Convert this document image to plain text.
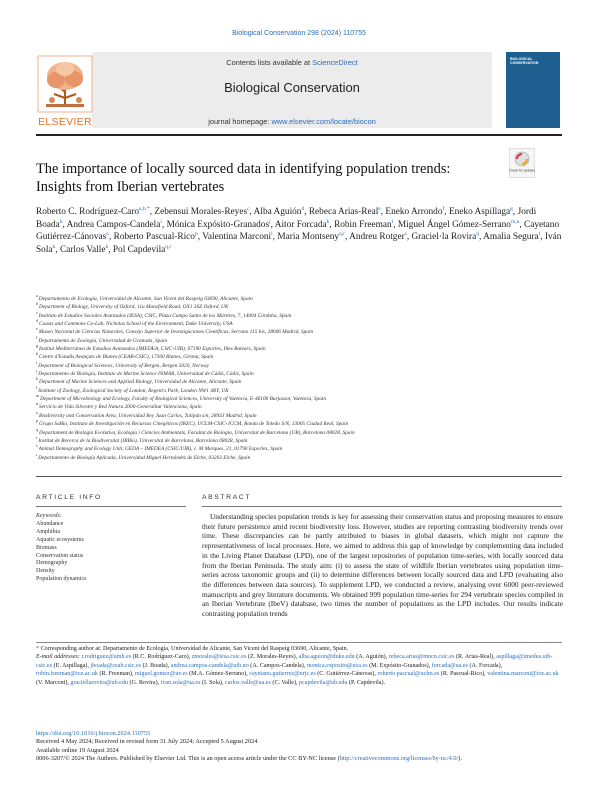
Biological Conservation 298 (2024) 110755
Contents lists available at ScienceDirect
Biological Conservation
journal homepage: www.elsevier.com/locate/biocon
ELSEVIER
BIOLOGICAL CONSERVATION
The importance of locally sourced data in identifying population trends:
Insights from Iberian vertebrates
Check for updates
Roberto C. Rodríguez-Caro$^{a,b,*}$, Zebensui Morales-Reyes$^c$, Alba Aguión$^d$, Rebeca Arias-Real$^e$, Eneko Arrondo$^f$, Eneko Aspillaga$^g$, Jordi Boada$^h$, Andrea Campos-Candela$^i$, Mónica Expósito-Granados$^j$, Aitor Forcada$^k$, Robin Freeman$^l$, Miguel Ángel Gómez-Serrano$^{m,n}$, Cayetano Gutiérrez-Cánovas$^o$, Roberto Pascual-Rico$^p$, Valentina Marconi$^l$, Maria Montseny$^{q,r}$, Andreu Rotger$^s$, Graciel·la Rovira$^q$, Amalia Segura$^t$, Iván Sola$^k$, Carlos Valle$^k$, Pol Capdevila$^{q,r}$
$^a$ Departamento de Ecología, Universidad de Alicante, San Vicent del Raspeig 03690, Alicante, Spain
$^b$ Department of Biology, University of Oxford, 11a Mansfield Road, OX1 3SZ Oxford, UK
$^c$ Instituto de Estudios Sociales Avanzados (IESA), CSIC, Plaza Campo Santo de los Mártires, 7, 14004 Córdoba, Spain
$^d$ Coasts and Commons Co-Lab, Nicholas School of the Environment, Duke University, USA
$^e$ Museo Nacional de Ciencias Naturales, Consejo Superior de Investigaciones Científicas, Serrano 115 bis, 28006 Madrid, Spain
$^f$ Departamento de Zoología, Universidad de Granada, Spain
$^g$ Institut Mediterrànea de Estudios Avanzados (IMEDEA, CSIC-UIB), 07190 Esporles, Illes Balears, Spain
$^h$ Centre d'Estudis Avançats de Blanes (CEAB-CSIC), 17300 Blanes, Girona, Spain
$^i$ Department of Biological Sciences, University of Bergen, Bergen 5020, Norway
$^j$ Departamento de Biología, Instituto de Marine Science INMAR, Universidad de Cádiz, Cádiz, Spain
$^k$ Department of Marine Sciences and Applied Biology, Universidad de Alicante, Alicante, Spain
$^l$ Institute of Zoology, Zoological Society of London, Regent's Park, London NW1 4RY, UK
$^m$ Department of Microbiology and Ecology, Faculty of Biological Sciences, University of Valencia, E-46100 Burjassot, Valencia, Spain
$^n$ Servicio de Vida Silvestre y Red Natura 2000-Generalitat Valenciana, Spain
$^o$ Biodiversity and Conservation Area, Universidad Rey Juan Carlos, Tulipán s/n, 28933 Madrid, Spain
$^p$ Grupo SaBio, Instituto de Investigación en Recursos Cinegéticos (IREC), UCLM-CSIC-JCCM, Ronda de Toledo S/N, 13005 Ciudad Real, Spain
$^q$ Departament de Biologia Evolutiva, Ecologia i Ciències Ambientals, Facultat de Biologia, Universitat de Barcelona (UB), Barcelona 08028, Spain
$^r$ Institut de Recerca de la Biodiversitat (IRBio), Universitat de Barcelona, Barcelona 08028, Spain
$^s$ Animal Demography and Ecology Unit, GEDA – IMEDEA (CSIC/UIB), c. M Marques, 21, 01790 Esporles, Spain
$^t$ Departamento de Biología Aplicada, Universidad Miguel Hernández de Elche, 03203 Elche, Spain
ARTICLE INFO	ABSTRACT
Keywords:
Abundance
Amphibia
Aquatic ecosystems
Biomass
Conservation status
Demography
Density
Population dynamics

Understanding species population trends is key for assessing their conservation status and proposing measures to ensure their future persistence amid recent biodiversity loss. However, studies are reporting contrasting biodiversity trends over time. These discrepancies can be partly attributed to biases in global datasets, which might not capture the representativeness of local processes. Here, we aimed to address this gap of knowledge by complementing data included in the Living Planet Database (LPD), one of the largest repositories of population time-series, with locally sourced data from the Iberian Peninsula. The study aim: (i) to assess the state of wildlife Iberian vertebrates using population time-series across taxonomic groups and (ii) to determine differences between locally sourced data and LPD (evaluating also the differences between data sources). To supplement LPD, we conducted a review, analysing over 6000 peer-reviewed manuscripts and grey literature documents. We obtained 999 population time-series for 294 vertebrate species compiled in an Iberian Vertebrate (IbeV) database, two times the number of populations as the LPD includes. Our results indicate contrasting population trends

* Corresponding author at: Departamento de Ecología, Universidad de Alicante, San Vicent del Raspeig 03690, Alicante, Spain.

E-mail addresses: r.rodriguez@umh.es (R.C. Rodríguez-Caro), zmorales@iesa.csic.es (Z. Morales-Reyes), alba.aguion@duke.edu (A. Aguión), rebeca.arias@mncn.csic.es (R. Arias-Real), aspillaga@imedea.uib-csic.es (E. Aspillaga), jboada@ceab.csic.es (J. Boada), andrea.campos-candela@uib.no (A. Campos-Candela), monica.exposito@uca.es (M. Expósito-Granados), forcada@ua.es (A. Forcada), robin.freeman@ioz.ac.uk (R. Freeman), miguel.gomez@uv.es (M.A. Gómez-Serrano), cayetano.gutierrez@urjc.es (C. Gutiérrez-Cánovas), roberto.pascual@uclm.es (R. Pascual-Rico), valentina.marconi@ioz.ac.uk (V. Marconi), graciellarovira@ub.edu (G. Rovira), ivan.sola@ua.es (I. Sola), carlos.valle@ua.es (C. Valle), pcapdevila@ub.edu (P. Capdevila).

https://doi.org/10.1016/j.biocon.2024.110755

Received 4 May 2024; Received in revised form 31 July 2024; Accepted 5 August 2024

Available online 19 August 2024

0006-3207/© 2024 The Authors. Published by Elsevier Ltd. This is an open access article under the CC BY-NC license (http://creativecommons.org/licenses/by-nc/4.0/).
